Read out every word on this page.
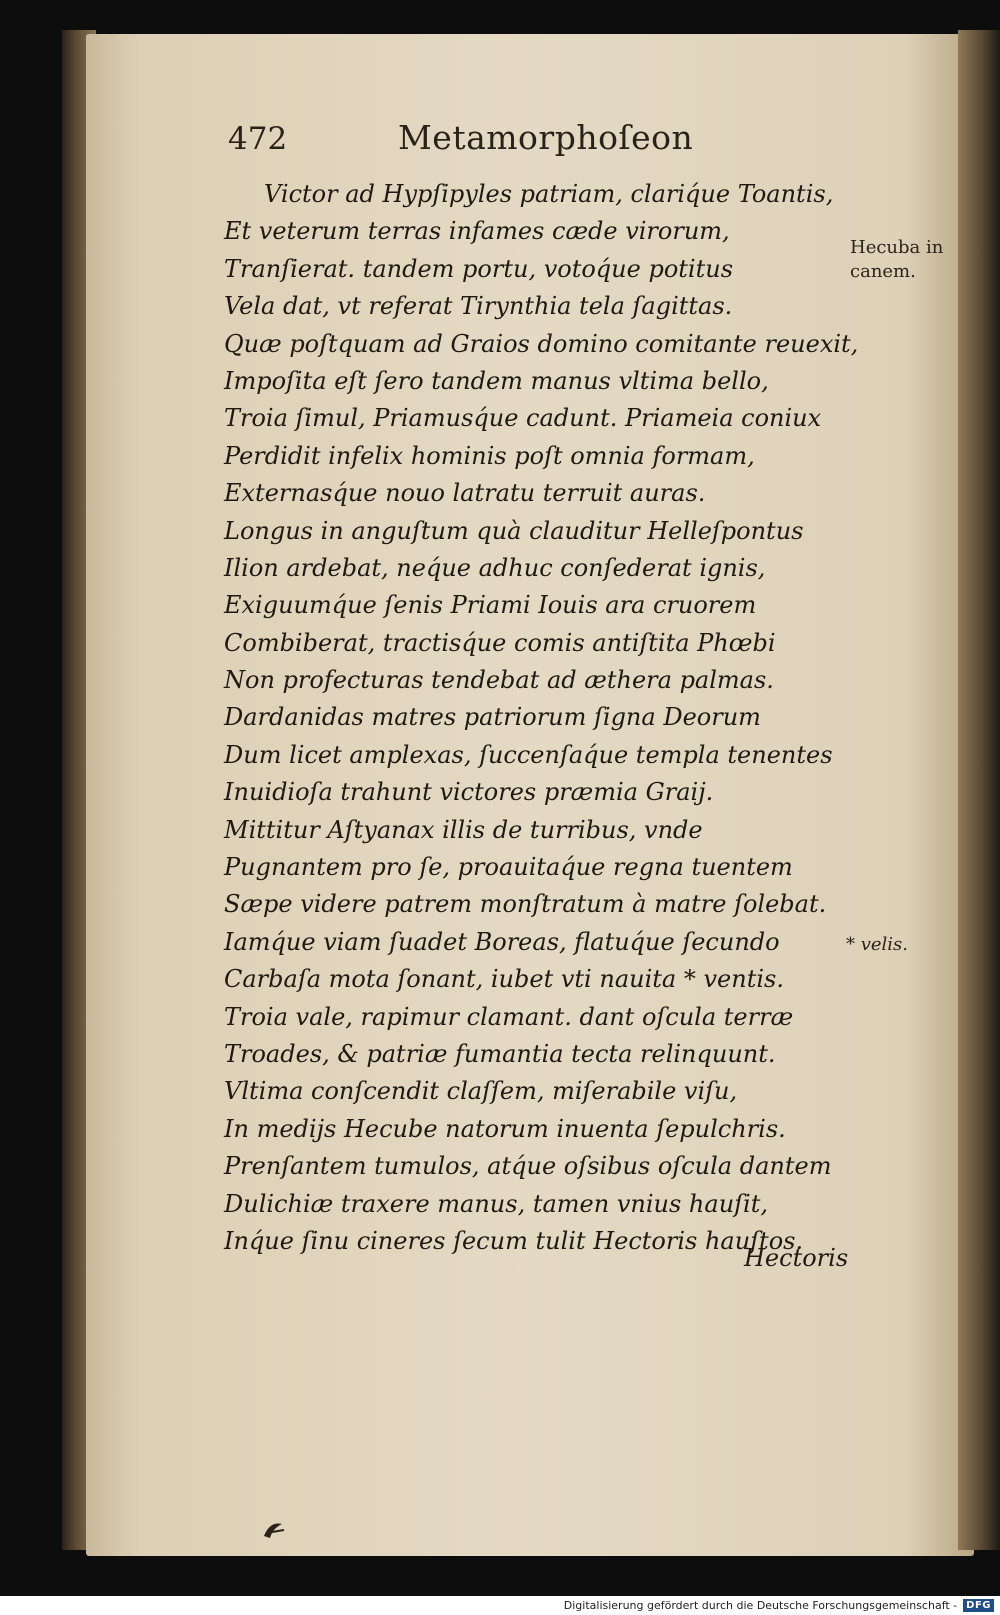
472	Metamorphoſeon
Victor ad Hypſipyles patriam, clariq́ue Toantis,
Et veterum terras infames cæde virorum,
Tranſierat. tandem portu, votoq́ue potitus
Vela dat, vt referat Tirynthia tela ſagittas.
Quæ poſtquam ad Graios domino comitante reuexit,
Impoſita eſt ſero tandem manus vltima bello,
Troia ſimul, Priamusq́ue cadunt. Priameia coniux
Perdidit infelix hominis poſt omnia formam,
Externasq́ue nouo latratu terruit auras.
Longus in anguſtum quà clauditur Helleſpontus
Ilion ardebat, neq́ue adhuc conſederat ignis,
Exiguumq́ue ſenis Priami Iouis ara cruorem
Combiberat, tractisq́ue comis antiſtita Phœbi
Non profecturas tendebat ad æthera palmas.
Dardanidas matres patriorum ſigna Deorum
Dum licet amplexas, ſuccenſaq́ue templa tenentes
Inuidioſa trahunt victores præmia Graij.
Mittitur Aſtyanax illis de turribus, vnde
Pugnantem pro ſe, proauitaq́ue regna tuentem
Sæpe videre patrem monſtratum à matre ſolebat.
Iamq́ue viam ſuadet Boreas, flatuq́ue ſecundo
Carbaſa mota ſonant, iubet vti nauita * ventis.
Troia vale, rapimur clamant. dant oſcula terræ
Troades, & patriæ fumantia tecta relinquunt.
Vltima conſcendit claſſem, miſerabile viſu,
In medijs Hecube natorum inuenta ſepulchris.
Prenſantem tumulos, atq́ue oſsibus oſcula dantem
Dulichiæ traxere manus, tamen vnius hauſit,
Inq́ue ſinu cineres ſecum tulit Hectoris hauſtos.
Hectoris
Hecuba in
canem.
* velis.
Digitalisierung gefördert durch die Deutsche Forschungsgemeinschaft - DFG
